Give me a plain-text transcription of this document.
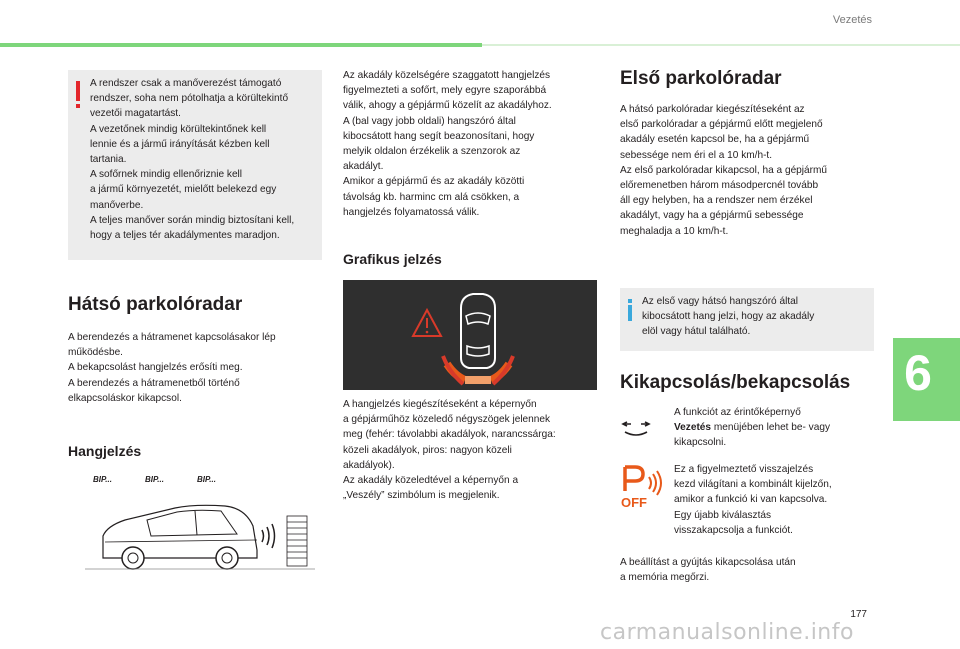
Vezetés

A rendszer csak a manőverezést támogató
rendszer, soha nem pótolhatja a körültekintő
vezetői magatartást.
A vezetőnek mindig körültekintőnek kell
lennie és a jármű irányítását kézben kell
tartania.
A sofőrnek mindig ellenőriznie kell
a jármű környezetét, mielőtt belekezd egy
manőverbe.
A teljes manőver során mindig biztosítani kell,
hogy a teljes tér akadálymentes maradjon.

Hátsó parkolóradar
A berendezés a hátramenet kapcsolásakor lép
működésbe.
A bekapcsolást hangjelzés erősíti meg.
A berendezés a hátramenetből történő
elkapcsoláskor kikapcsol.
Hangjelzés
BIP...	BIP...	BIP...
Az akadály közelségére szaggatott hangjelzés
figyelmezteti a sofőrt, mely egyre szaporábbá
válik, ahogy a gépjármű közelít az akadályhoz.
A (bal vagy jobb oldali) hangszóró által
kibocsátott hang segít beazonosítani, hogy
melyik oldalon érzékelik a szenzorok az
akadályt.
Amikor a gépjármű és az akadály közötti
távolság kb. harminc cm alá csökken, a
hangjelzés folyamatossá válik.
Grafikus jelzés
A hangjelzés kiegészítéseként a képernyőn
a gépjárműhöz közeledő négyszögek jelennek
meg (fehér: távolabbi akadályok, narancssárga:
közeli akadályok, piros: nagyon közeli
akadályok).
Az akadály közeledtével a képernyőn a
„Veszély” szimbólum is megjelenik.
Első parkolóradar
A hátsó parkolóradar kiegészítéseként az
első parkolóradar a gépjármű előtt megjelenő
akadály esetén kapcsol be, ha a gépjármű
sebessége nem éri el a 10 km/h-t.
Az első parkolóradar kikapcsol, ha a gépjármű
előremenetben három másodpercnél tovább
áll egy helyben, ha a rendszer nem érzékel
akadályt, vagy ha a gépjármű sebessége
meghaladja a 10 km/h-t.

Az első vagy hátsó hangszóró által
kibocsátott hang jelzi, hogy az akadály
elöl vagy hátul található.

Kikapcsolás/bekapcsolás
A funkciót az érintőképernyő
Vezetés menüjében lehet be- vagy
kikapcsolni.
OFF
Ez a figyelmeztető visszajelzés
kezd világítani a kombinált kijelzőn,
amikor a funkció ki van kapcsolva.
Egy újabb kiválasztás
visszakapcsolja a funkciót.
A beállítást a gyújtás kikapcsolása után
a memória megőrzi.
6
177
carmanualsonline.info
